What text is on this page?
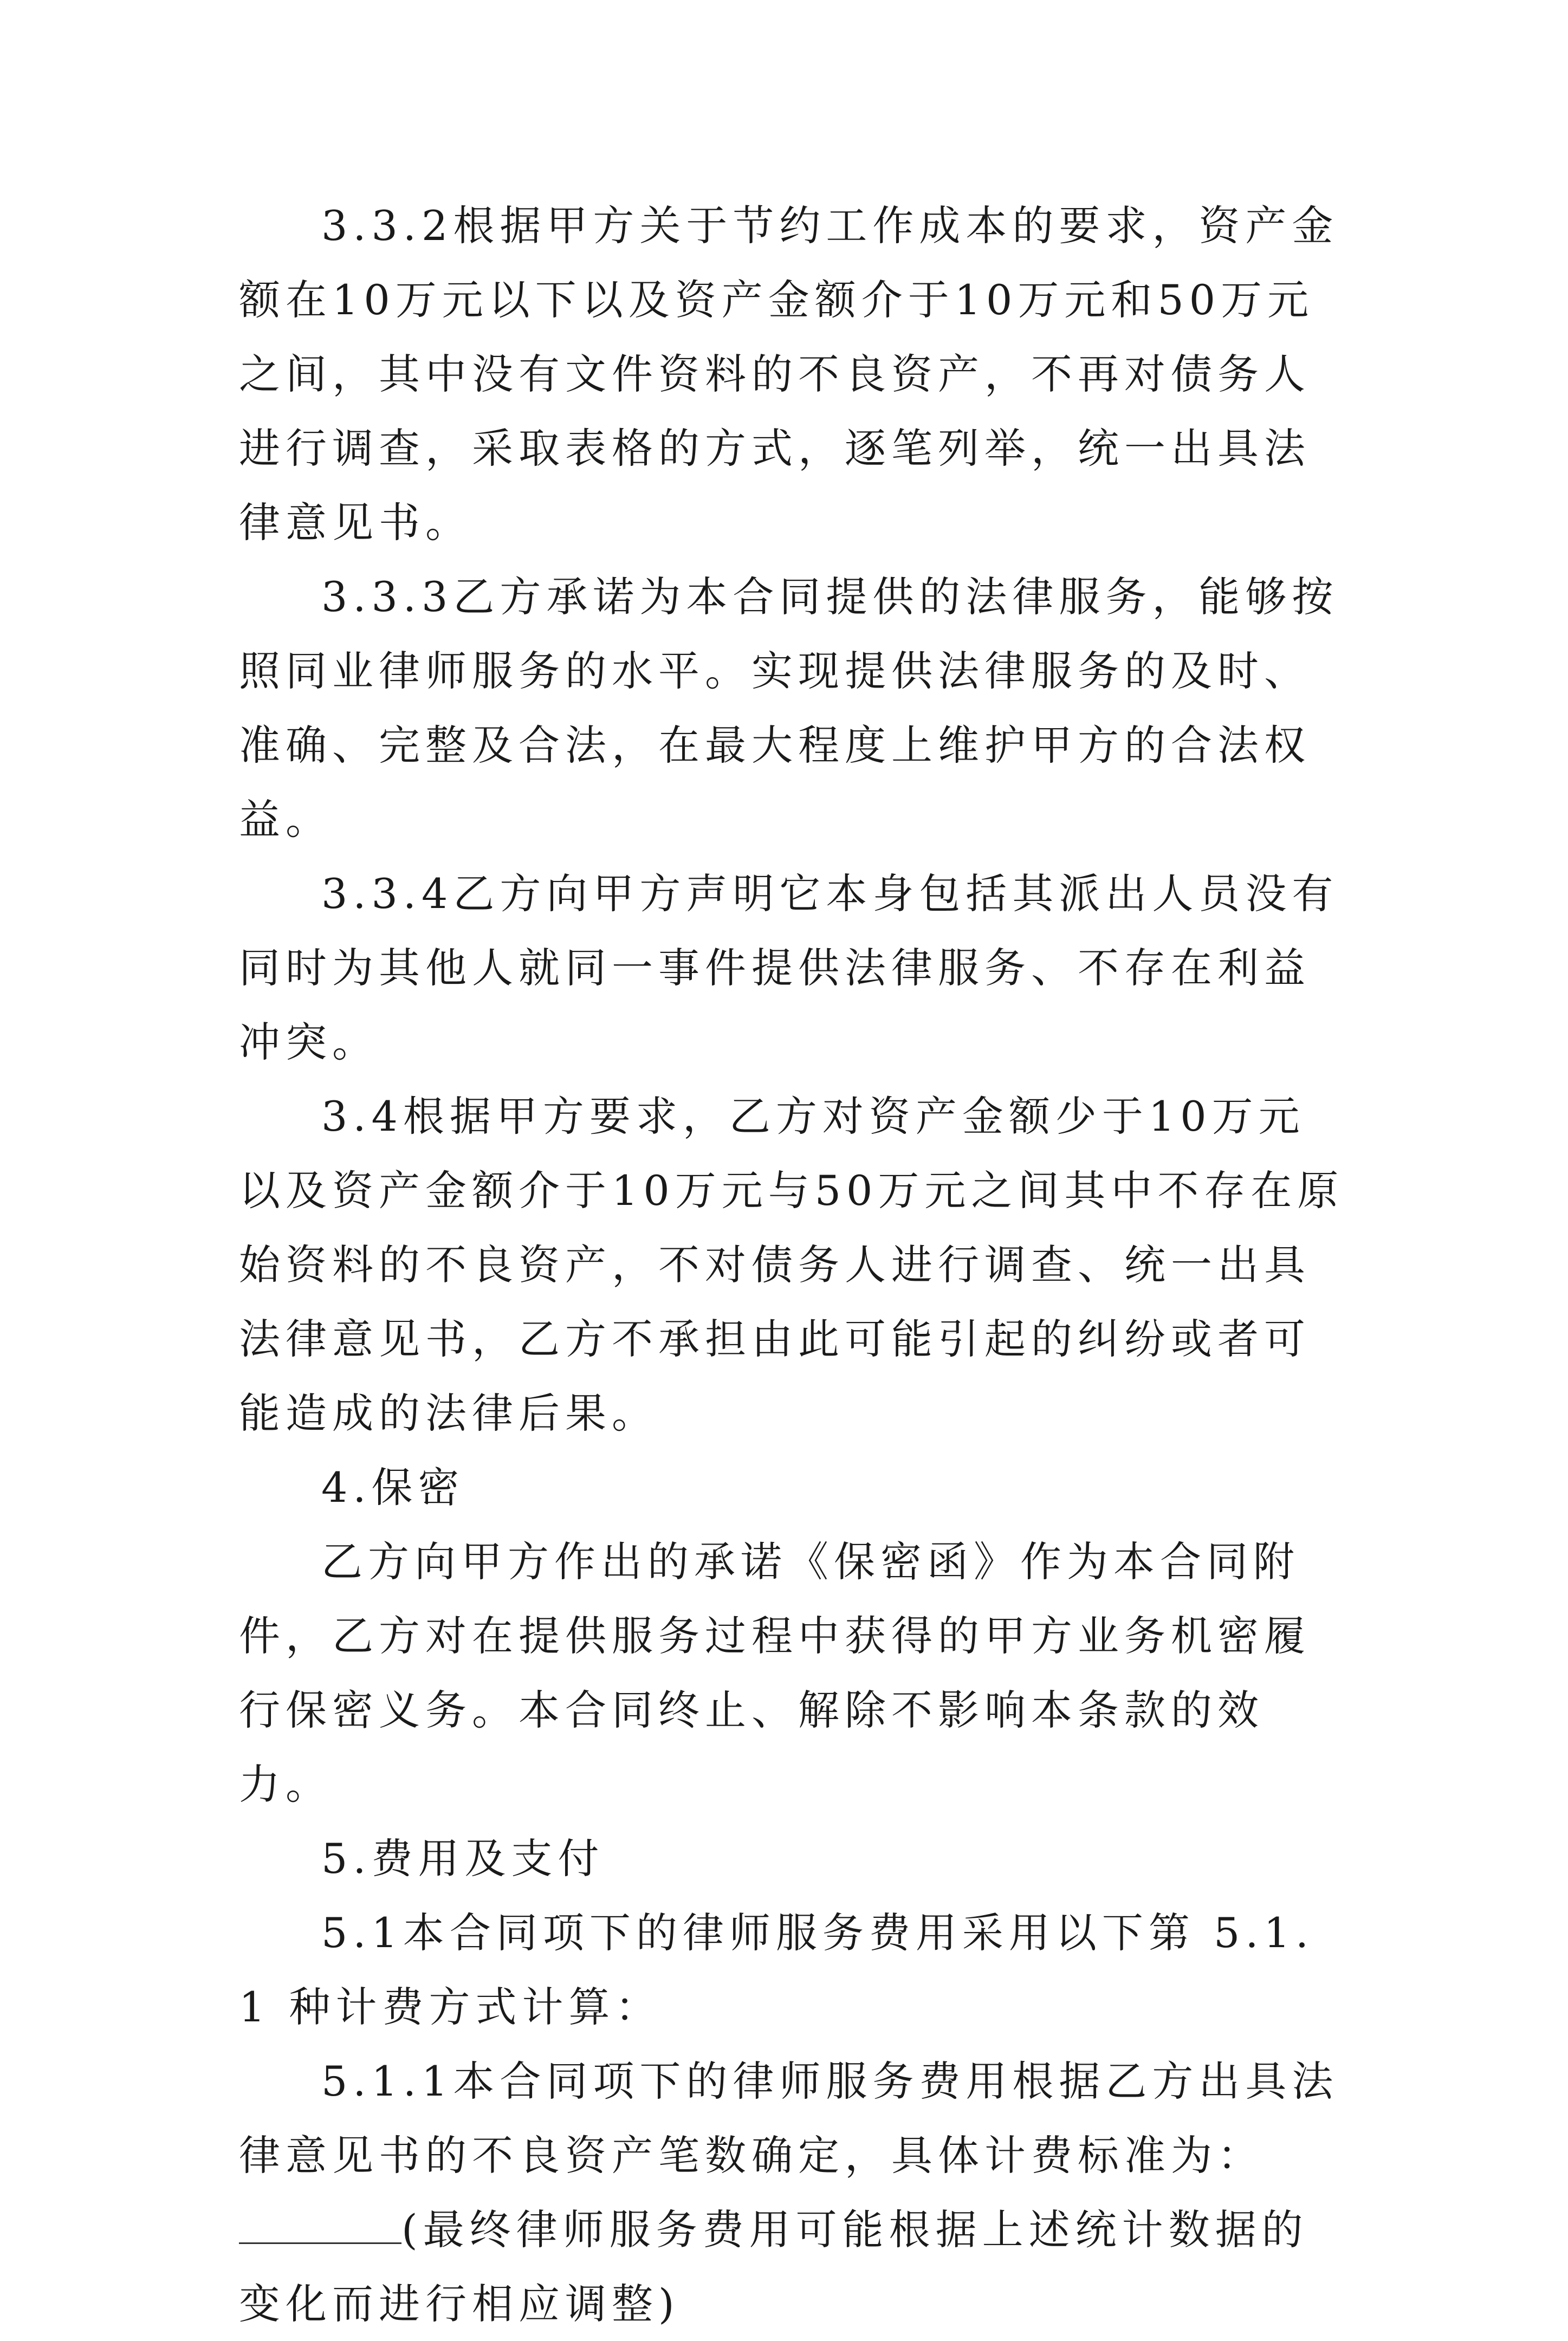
3.3.2根据甲方关于节约工作成本的要求，资产金额在10万元以下以及资产金额介于10万元和50万元之间，其中没有文件资料的不良资产，不再对债务人进行调查，采取表格的方式，逐笔列举，统一出具法律意见书。

3.3.3乙方承诺为本合同提供的法律服务，能够按照同业律师服务的水平。实现提供法律服务的及时、准确、完整及合法，在最大程度上维护甲方的合法权益。

3.3.4乙方向甲方声明它本身包括其派出人员没有同时为其他人就同一事件提供法律服务、不存在利益冲突。

3.4根据甲方要求，乙方对资产金额少于10万元以及资产金额介于10万元与50万元之间其中不存在原始资料的不良资产，不对债务人进行调查、统一出具法律意见书，乙方不承担由此可能引起的纠纷或者可能造成的法律后果。

4.保密

乙方向甲方作出的承诺《保密函》作为本合同附件，乙方对在提供服务过程中获得的甲方业务机密履行保密义务。本合同终止、解除不影响本条款的效力。

5.费用及支付

5.1本合同项下的律师服务费用采用以下第 5.1.1 种计费方式计算：

5.1.1本合同项下的律师服务费用根据乙方出具法律意见书的不良资产笔数确定，具体计费标准为：(最终律师服务费用可能根据上述统计数据的变化而进行相应调整)
